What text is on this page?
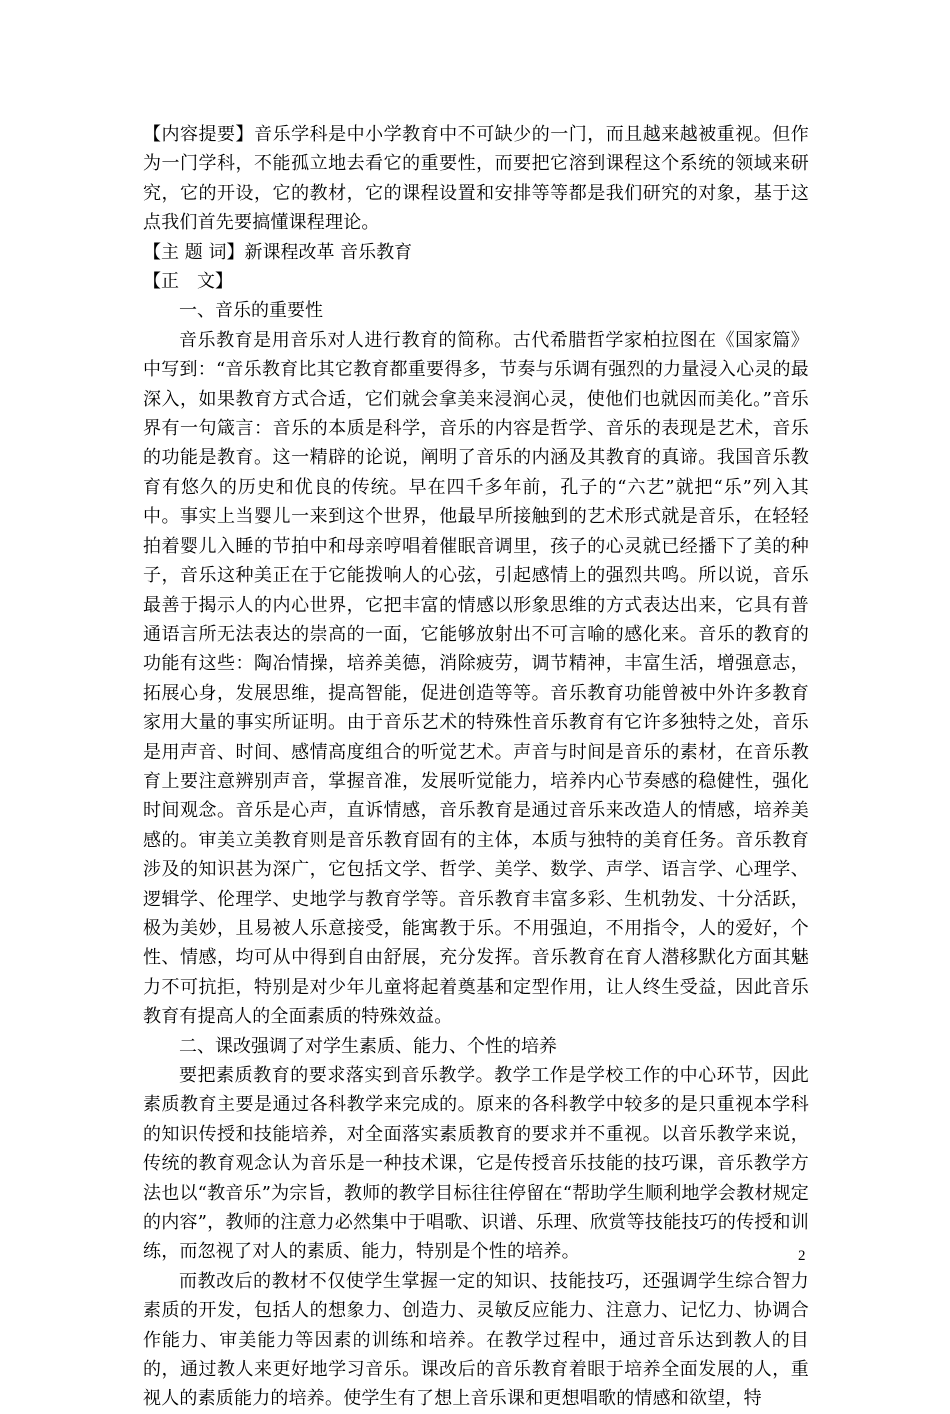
【内容提要】音乐学科是中小学教育中不可缺少的一门，而且越来越被重视。但作为一门学科，不能孤立地去看它的重要性，而要把它溶到课程这个系统的领域来研究，它的开设，它的教材，它的课程设置和安排等等都是我们研究的对象，基于这点我们首先要搞懂课程理论。

【主 题 词】新课程改革 音乐教育

【正　文】

一、音乐的重要性

音乐教育是用音乐对人进行教育的简称。古代希腊哲学家柏拉图在《国家篇》中写到：“音乐教育比其它教育都重要得多，节奏与乐调有强烈的力量浸入心灵的最深入，如果教育方式合适，它们就会拿美来浸润心灵，使他们也就因而美化。”音乐界有一句箴言：音乐的本质是科学，音乐的内容是哲学、音乐的表现是艺术，音乐的功能是教育。这一精辟的论说，阐明了音乐的内涵及其教育的真谛。我国音乐教育有悠久的历史和优良的传统。早在四千多年前，孔子的“六艺”就把“乐”列入其中。事实上当婴儿一来到这个世界，他最早所接触到的艺术形式就是音乐，在轻轻拍着婴儿入睡的节拍中和母亲哼唱着催眠音调里，孩子的心灵就已经播下了美的种子，音乐这种美正在于它能拨响人的心弦，引起感情上的强烈共鸣。所以说，音乐最善于揭示人的内心世界，它把丰富的情感以形象思维的方式表达出来，它具有普通语言所无法表达的崇高的一面，它能够放射出不可言喻的感化来。音乐的教育的功能有这些：陶冶情操，培养美德，消除疲劳，调节精神，丰富生活，增强意志，拓展心身，发展思维，提高智能，促进创造等等。音乐教育功能曾被中外许多教育家用大量的事实所证明。由于音乐艺术的特殊性音乐教育有它许多独特之处，音乐是用声音、时间、感情高度组合的听觉艺术。声音与时间是音乐的素材，在音乐教育上要注意辨别声音，掌握音准，发展听觉能力，培养内心节奏感的稳健性，强化时间观念。音乐是心声，直诉情感，音乐教育是通过音乐来改造人的情感，培养美感的。审美立美教育则是音乐教育固有的主体，本质与独特的美育任务。音乐教育涉及的知识甚为深广，它包括文学、哲学、美学、数学、声学、语言学、心理学、逻辑学、伦理学、史地学与教育学等。音乐教育丰富多彩、生机勃发、十分活跃，极为美妙，且易被人乐意接受，能寓教于乐。不用强迫，不用指令，人的爱好，个性、情感，均可从中得到自由舒展，充分发挥。音乐教育在育人潜移默化方面其魅力不可抗拒，特别是对少年儿童将起着奠基和定型作用，让人终生受益，因此音乐教育有提高人的全面素质的特殊效益。

二、课改强调了对学生素质、能力、个性的培养

要把素质教育的要求落实到音乐教学。教学工作是学校工作的中心环节，因此素质教育主要是通过各科教学来完成的。原来的各科教学中较多的是只重视本学科的知识传授和技能培养，对全面落实素质教育的要求并不重视。以音乐教学来说，传统的教育观念认为音乐是一种技术课，它是传授音乐技能的技巧课，音乐教学方法也以“教音乐”为宗旨，教师的教学目标往往停留在“帮助学生顺利地学会教材规定的内容”，教师的注意力必然集中于唱歌、识谱、乐理、欣赏等技能技巧的传授和训练，而忽视了对人的素质、能力，特别是个性的培养。

而教改后的教材不仅使学生掌握一定的知识、技能技巧，还强调学生综合智力素质的开发，包括人的想象力、创造力、灵敏反应能力、注意力、记忆力、协调合作能力、审美能力等因素的训练和培养。在教学过程中，通过音乐达到教人的目的，通过教人来更好地学习音乐。课改后的音乐教育着眼于培养全面发展的人，重视人的素质能力的培养。使学生有了想上音乐课和更想唱歌的情感和欲望，特

2
